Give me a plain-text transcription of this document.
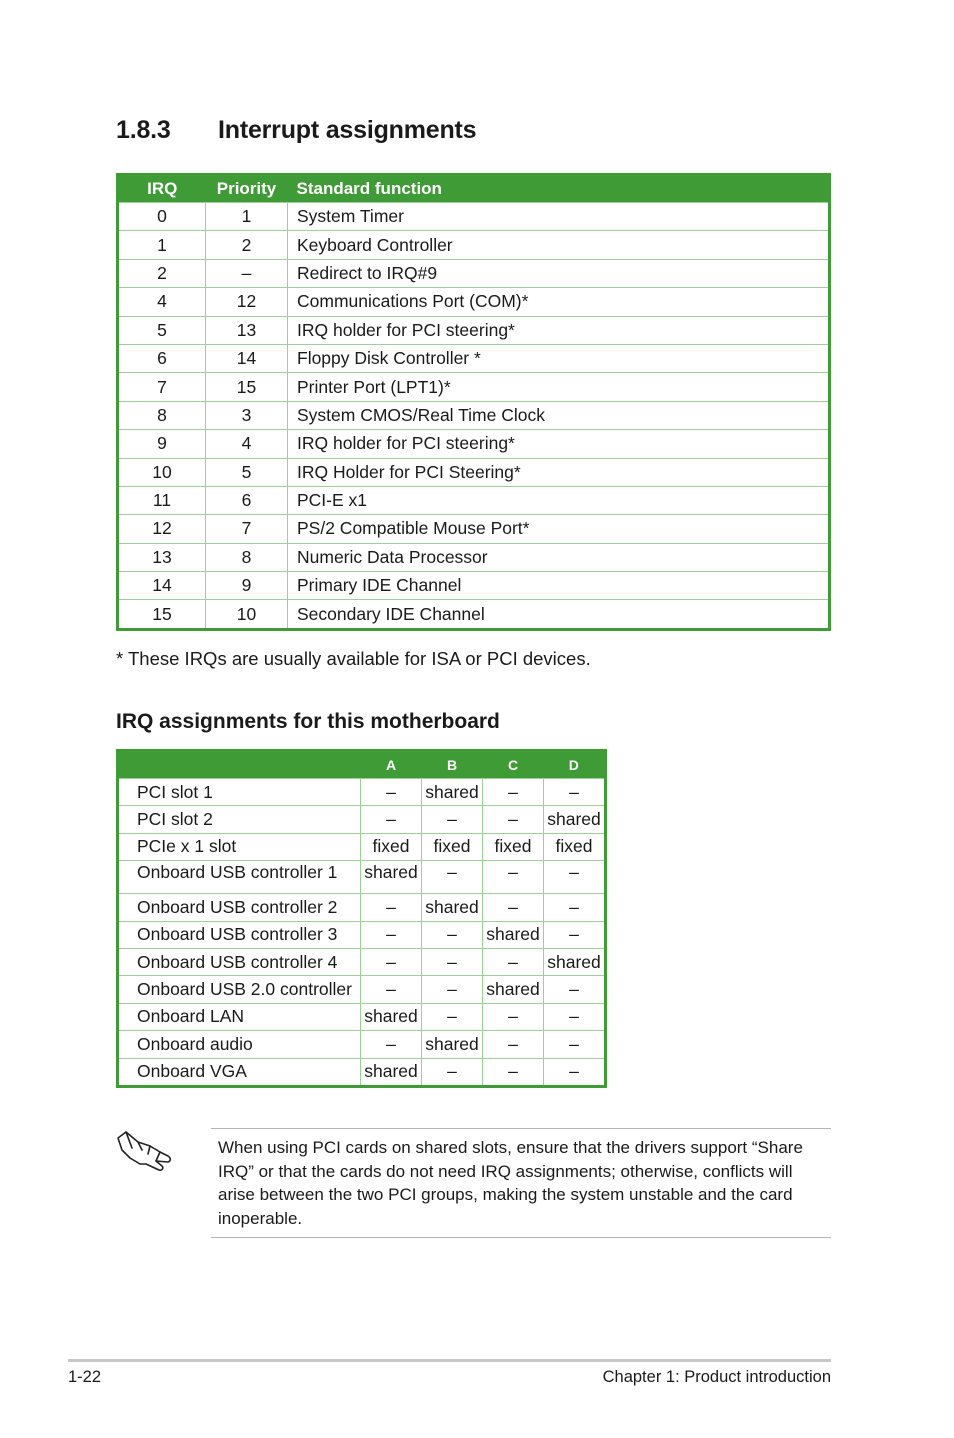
1.8.3 Interrupt assignments
IRQ	Priority	Standard function
0	1	System Timer
1	2	Keyboard Controller
2	–	Redirect to IRQ#9
4	12	Communications Port (COM)*
5	13	IRQ holder for PCI steering*
6	14	Floppy Disk Controller *
7	15	Printer Port (LPT1)*
8	3	System CMOS/Real Time Clock
9	4	IRQ holder for PCI steering*
10	5	IRQ Holder for PCI Steering*
11	6	PCI-E x1
12	7	PS/2 Compatible Mouse Port*
13	8	Numeric Data Processor
14	9	Primary IDE Channel
15	10	Secondary IDE Channel
* These IRQs are usually available for ISA or PCI devices.
IRQ assignments for this motherboard
	A	B	C	D
PCI slot 1	–	shared	–	–
PCI slot 2	–	–	–	shared
PCIe x 1 slot	fixed	fixed	fixed	fixed
Onboard USB controller 1	shared	–	–	–
Onboard USB controller 2	–	shared	–	–
Onboard USB controller 3	–	–	shared	–
Onboard USB controller 4	–	–	–	shared
Onboard USB 2.0 controller	–	–	shared	–
Onboard LAN	shared	–	–	–
Onboard audio	–	shared	–	–
Onboard VGA	shared	–	–	–
When using PCI cards on shared slots, ensure that the drivers support “Share IRQ” or that the cards do not need IRQ assignments; otherwise, conflicts will arise between the two PCI groups, making the system unstable and the card inoperable.
1-22	Chapter 1: Product introduction
